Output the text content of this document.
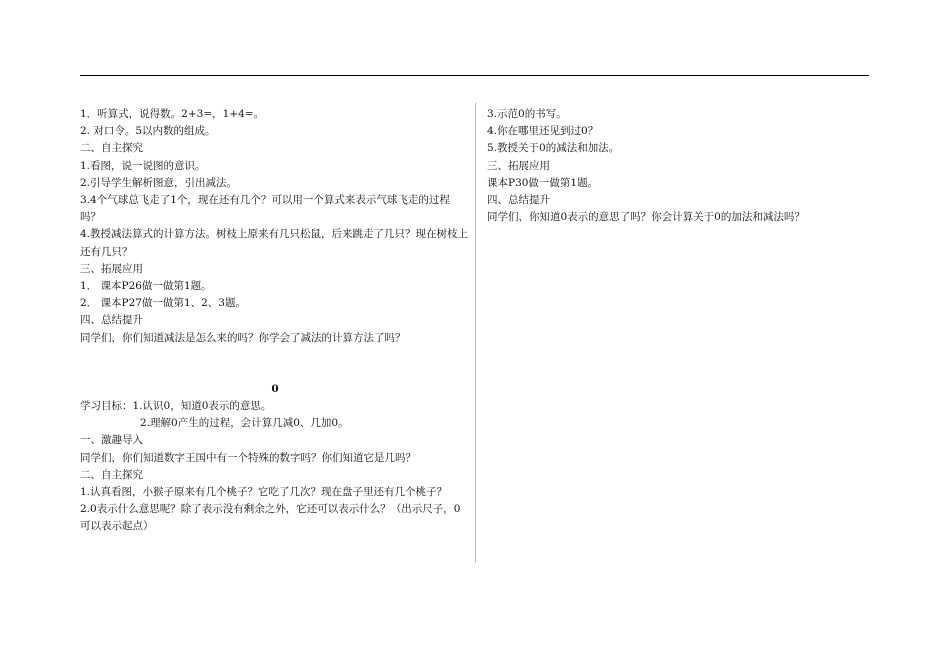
1．听算式，说得数。2+3=，1+4=。
2. 对口令。5以内数的组成。
二、自主探究
1.看图，说一说图的意识。
2.引导学生解析图意，引出减法。
3.4个气球总飞走了1个，现在还有几个？可以用一个算式来表示气球飞走的过程吗？
4.教授减法算式的计算方法。树枝上原来有几只松鼠，后来跳走了几只？现在树枝上还有几只？
三、拓展应用
1． 课本P26做一做第1题。
2． 课本P27做一做第1、2、3题。
四、总结提升
同学们，你们知道减法是怎么来的吗？你学会了减法的计算方法了吗？
0
学习目标：1.认识0，知道0表示的意思。
2.理解0产生的过程，会计算几减0、几加0。
一、激趣导入
同学们，你们知道数字王国中有一个特殊的数字吗？你们知道它是几吗？
二、自主探究
1.认真看图，小猴子原来有几个桃子？它吃了几次？现在盘子里还有几个桃子？
2.0表示什么意思呢？除了表示没有剩余之外，它还可以表示什么？（出示尺子，0可以表示起点）
3.示范0的书写。
4.你在哪里还见到过0？
5.教授关于0的减法和加法。
三、拓展应用
课本P30做一做第1题。
四、总结提升
同学们，你知道0表示的意思了吗？你会计算关于0的加法和减法吗？
